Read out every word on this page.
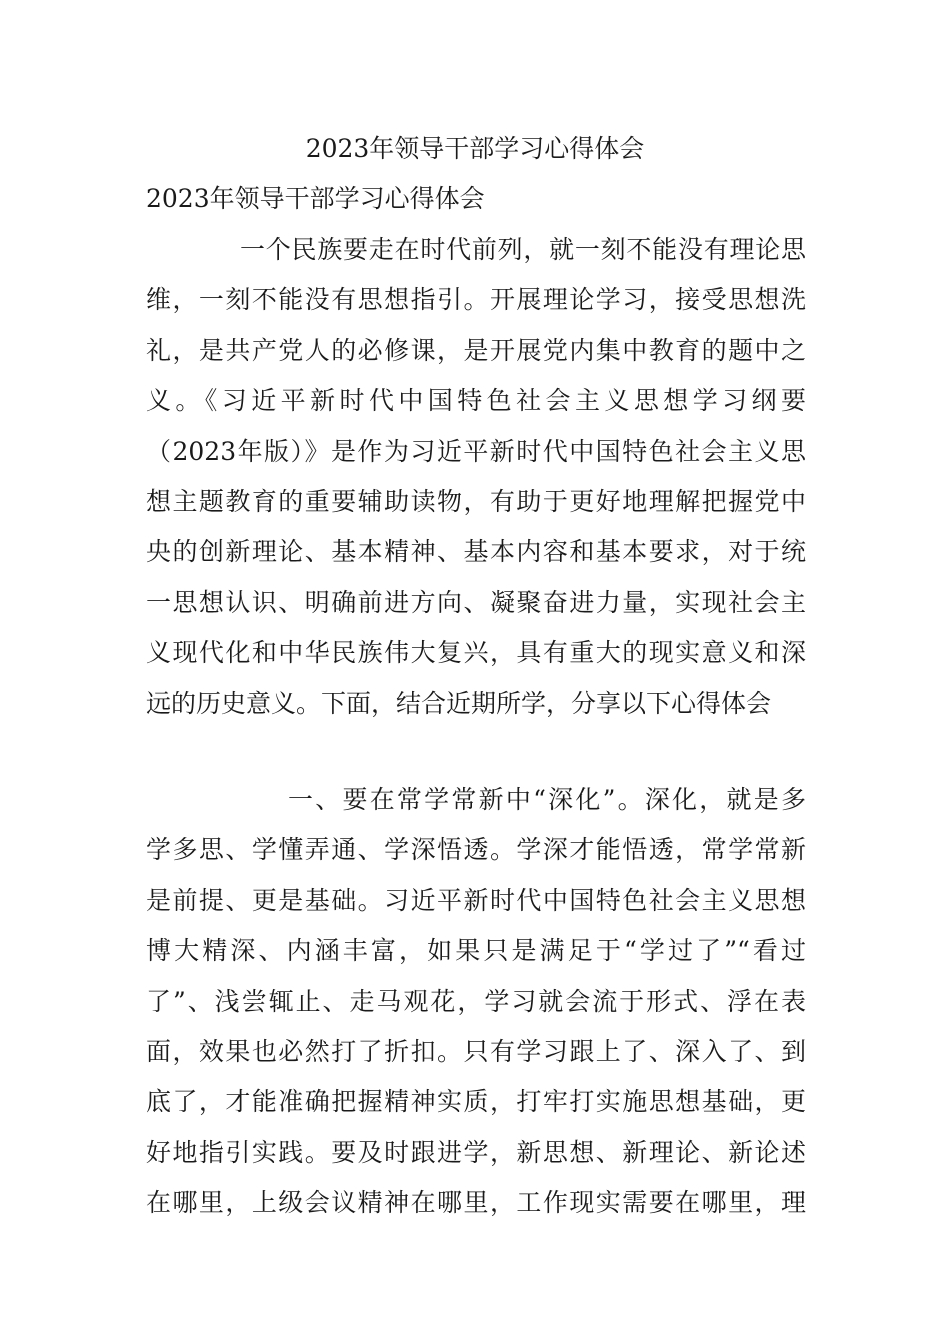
2023年领导干部学习心得体会
2023年领导干部学习心得体会
一个民族要走在时代前列，就一刻不能没有理论思
维，一刻不能没有思想指引。开展理论学习，接受思想洗
礼，是共产党人的必修课，是开展党内集中教育的题中之
义。《习近平新时代中国特色社会主义思想学习纲要
（2023年版）》是作为习近平新时代中国特色社会主义思
想主题教育的重要辅助读物，有助于更好地理解把握党中
央的创新理论、基本精神、基本内容和基本要求，对于统
一思想认识、明确前进方向、凝聚奋进力量，实现社会主
义现代化和中华民族伟大复兴，具有重大的现实意义和深
远的历史意义。下面，结合近期所学，分享以下心得体会
一、要在常学常新中“深化”。深化，就是多
学多思、学懂弄通、学深悟透。学深才能悟透，常学常新
是前提、更是基础。习近平新时代中国特色社会主义思想
博大精深、内涵丰富，如果只是满足于“学过了”“看过
了”、浅尝辄止、走马观花，学习就会流于形式、浮在表
面，效果也必然打了折扣。只有学习跟上了、深入了、到
底了，才能准确把握精神实质，打牢打实施思想基础，更
好地指引实践。要及时跟进学，新思想、新理论、新论述
在哪里，上级会议精神在哪里，工作现实需要在哪里，理
